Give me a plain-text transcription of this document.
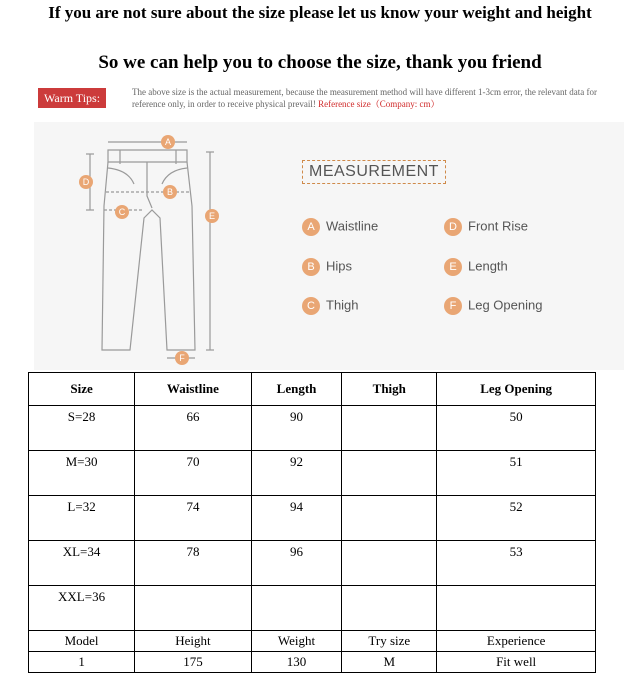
If you are not sure about the size please let us know your weight and height
So we can help you to choose the size, thank you friend
Warm Tips:	The above size is the actual measurement, because the measurement method will have different 1-3cm error, the relevant data for reference only, in order to receive physical prevail! Reference size（Company: cm）
A
B
C
D
E
F
MEASUREMENT
A Waistline	D Front Rise
B Hips	E Length
C Thigh	F Leg Opening
Size	Waistline	Length	Thigh	Leg Opening
S=28	66	90		50
M=30	70	92		51
L=32	74	94		52
XL=34	78	96		53
XXL=36				
Model	Height	Weight	Try size	Experience
1	175	130	M	Fit well
